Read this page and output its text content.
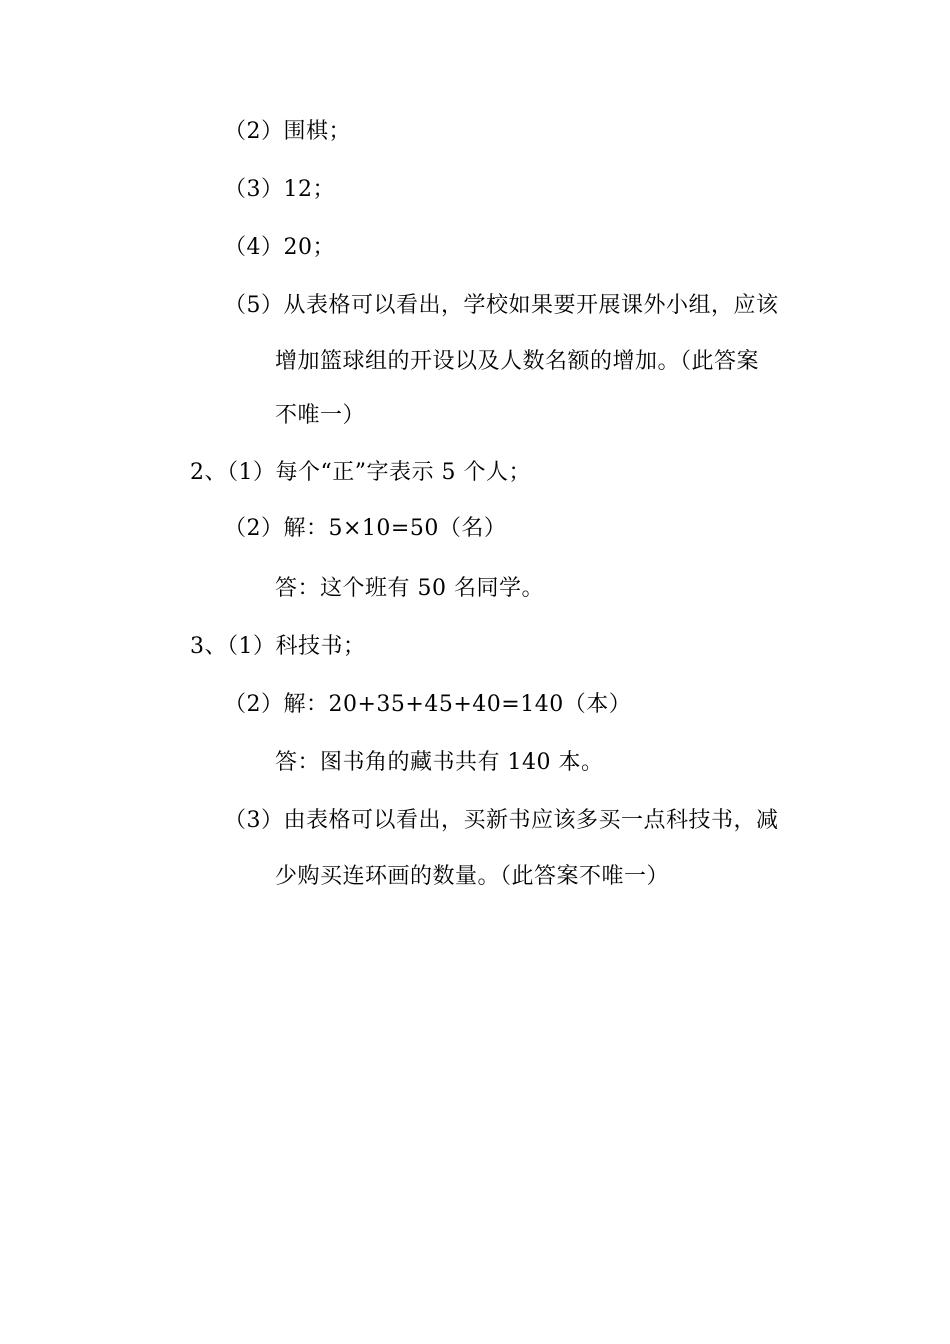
（2）围棋；
（3）12；
（4）20；
（5）从表格可以看出，学校如果要开展课外小组，应该
增加篮球组的开设以及人数名额的增加。（此答案
不唯一）
2、（1）每个“正”字表示 5 个人；
（2）解：5×10=50（名）
答：这个班有 50 名同学。
3、（1）科技书；
（2）解：20+35+45+40=140（本）
答：图书角的藏书共有 140 本。
（3）由表格可以看出，买新书应该多买一点科技书，减
少购买连环画的数量。（此答案不唯一）
